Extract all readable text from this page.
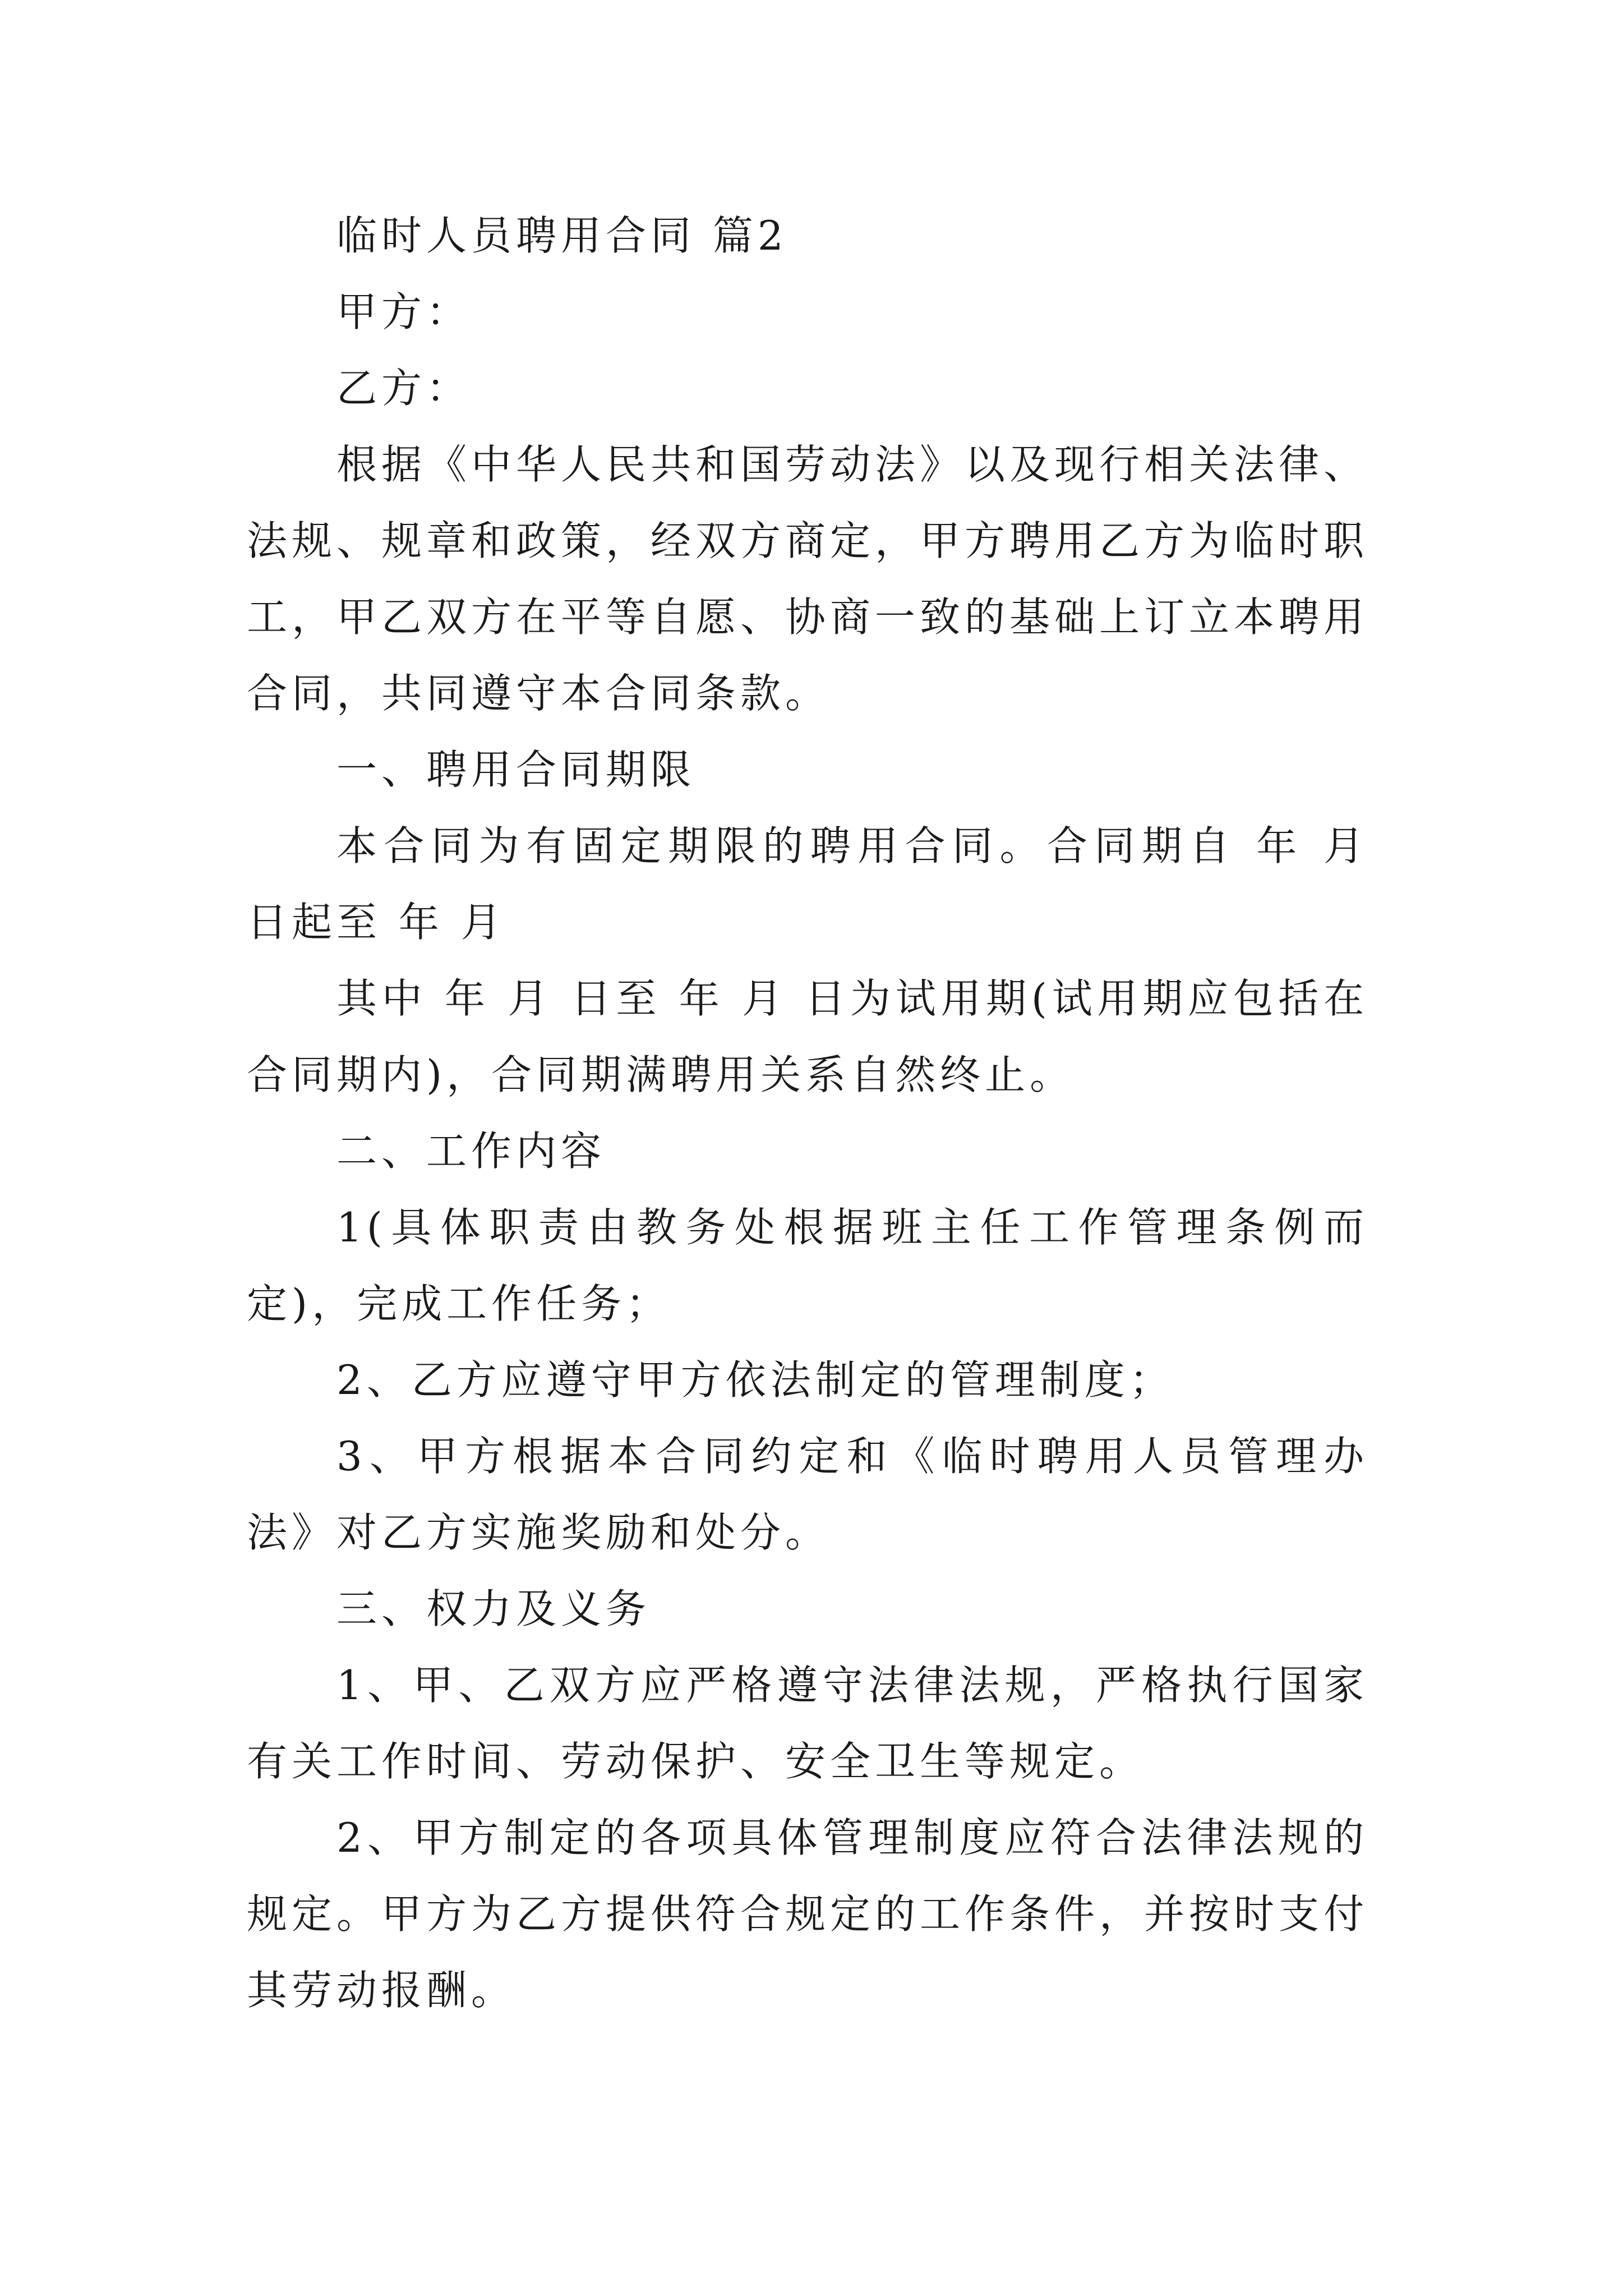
临时人员聘用合同 篇2

甲方：

乙方：

根据《中华人民共和国劳动法》以及现行相关法律、法规、规章和政策，经双方商定，甲方聘用乙方为临时职工，甲乙双方在平等自愿、协商一致的基础上订立本聘用合同，共同遵守本合同条款。

一、聘用合同期限

本合同为有固定期限的聘用合同。合同期自 年 月 日起至 年 月

其中 年 月 日至 年 月 日为试用期(试用期应包括在合同期内)，合同期满聘用关系自然终止。

二、工作内容

1(具体职责由教务处根据班主任工作管理条例而定)，完成工作任务；

2、乙方应遵守甲方依法制定的管理制度；

3、甲方根据本合同约定和《临时聘用人员管理办法》对乙方实施奖励和处分。

三、权力及义务

1、甲、乙双方应严格遵守法律法规，严格执行国家有关工作时间、劳动保护、安全卫生等规定。

2、甲方制定的各项具体管理制度应符合法律法规的规定。甲方为乙方提供符合规定的工作条件，并按时支付其劳动报酬。
